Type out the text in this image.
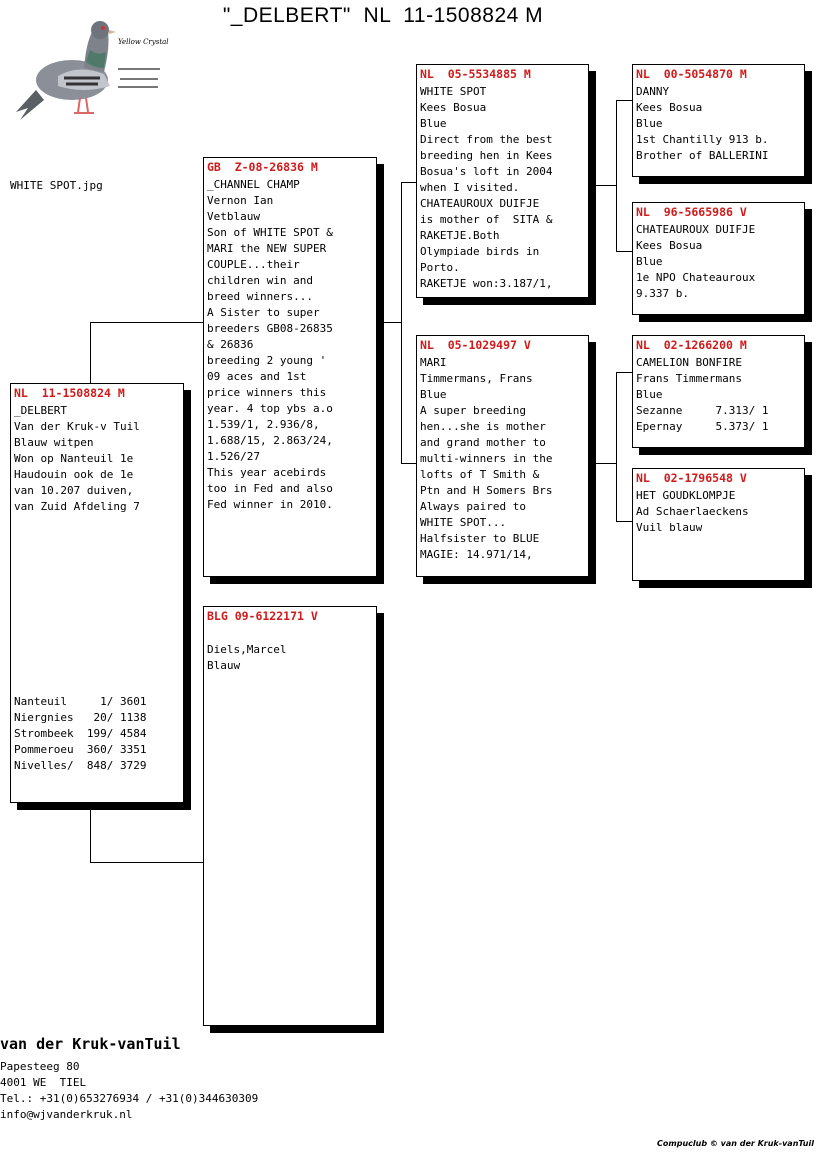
"_DELBERT"  NL  11-1508824 M
Yellow Crystal
WHITE SPOT.jpg
NL  11-1508824 M
_DELBERT
Van der Kruk-v Tuil
Blauw witpen
Won op Nanteuil 1e
Haudouin ook de 1e
van 10.207 duiven,
van Zuid Afdeling 7
Nanteuil     1/ 3601
Niergnies   20/ 1138
Strombeek  199/ 4584
Pommeroeu  360/ 3351
Nivelles/  848/ 3729
GB  Z-08-26836 M
_CHANNEL CHAMP
Vernon Ian
Vetblauw
Son of WHITE SPOT &
MARI the NEW SUPER
COUPLE...their
children win and
breed winners...
A Sister to super
breeders GB08-26835
& 26836
breeding 2 young '
09 aces and 1st
price winners this
year. 4 top ybs a.o
1.539/1, 2.936/8,
1.688/15, 2.863/24,
1.526/27
This year acebirds
too in Fed and also
Fed winner in 2010.
BLG 09-6122171 V

Diels,Marcel
Blauw
NL  05-5534885 M
WHITE SPOT
Kees Bosua
Blue
Direct from the best
breeding hen in Kees
Bosua's loft in 2004
when I visited.
CHATEAUROUX DUIFJE
is mother of  SITA &
RAKETJE.Both
Olympiade birds in
Porto.
RAKETJE won:3.187/1,
NL  05-1029497 V
MARI
Timmermans, Frans
Blue
A super breeding
hen...she is mother
and grand mother to
multi-winners in the
lofts of T Smith &
Ptn and H Somers Brs
Always paired to
WHITE SPOT...
Halfsister to BLUE
MAGIE: 14.971/14,
NL  00-5054870 M
DANNY
Kees Bosua
Blue
1st Chantilly 913 b.
Brother of BALLERINI
NL  96-5665986 V
CHATEAUROUX DUIFJE
Kees Bosua
Blue
1e NPO Chateauroux
9.337 b.
NL  02-1266200 M
CAMELION BONFIRE
Frans Timmermans
Blue
Sezanne     7.313/ 1
Epernay     5.373/ 1
NL  02-1796548 V
HET GOUDKLOMPJE
Ad Schaerlaeckens
Vuil blauw
van der Kruk-vanTuil
Papesteeg 80
4001 WE  TIEL
Tel.: +31(0)653276934 / +31(0)344630309
info@wjvanderkruk.nl
Compuclub © van der Kruk-vanTuil
